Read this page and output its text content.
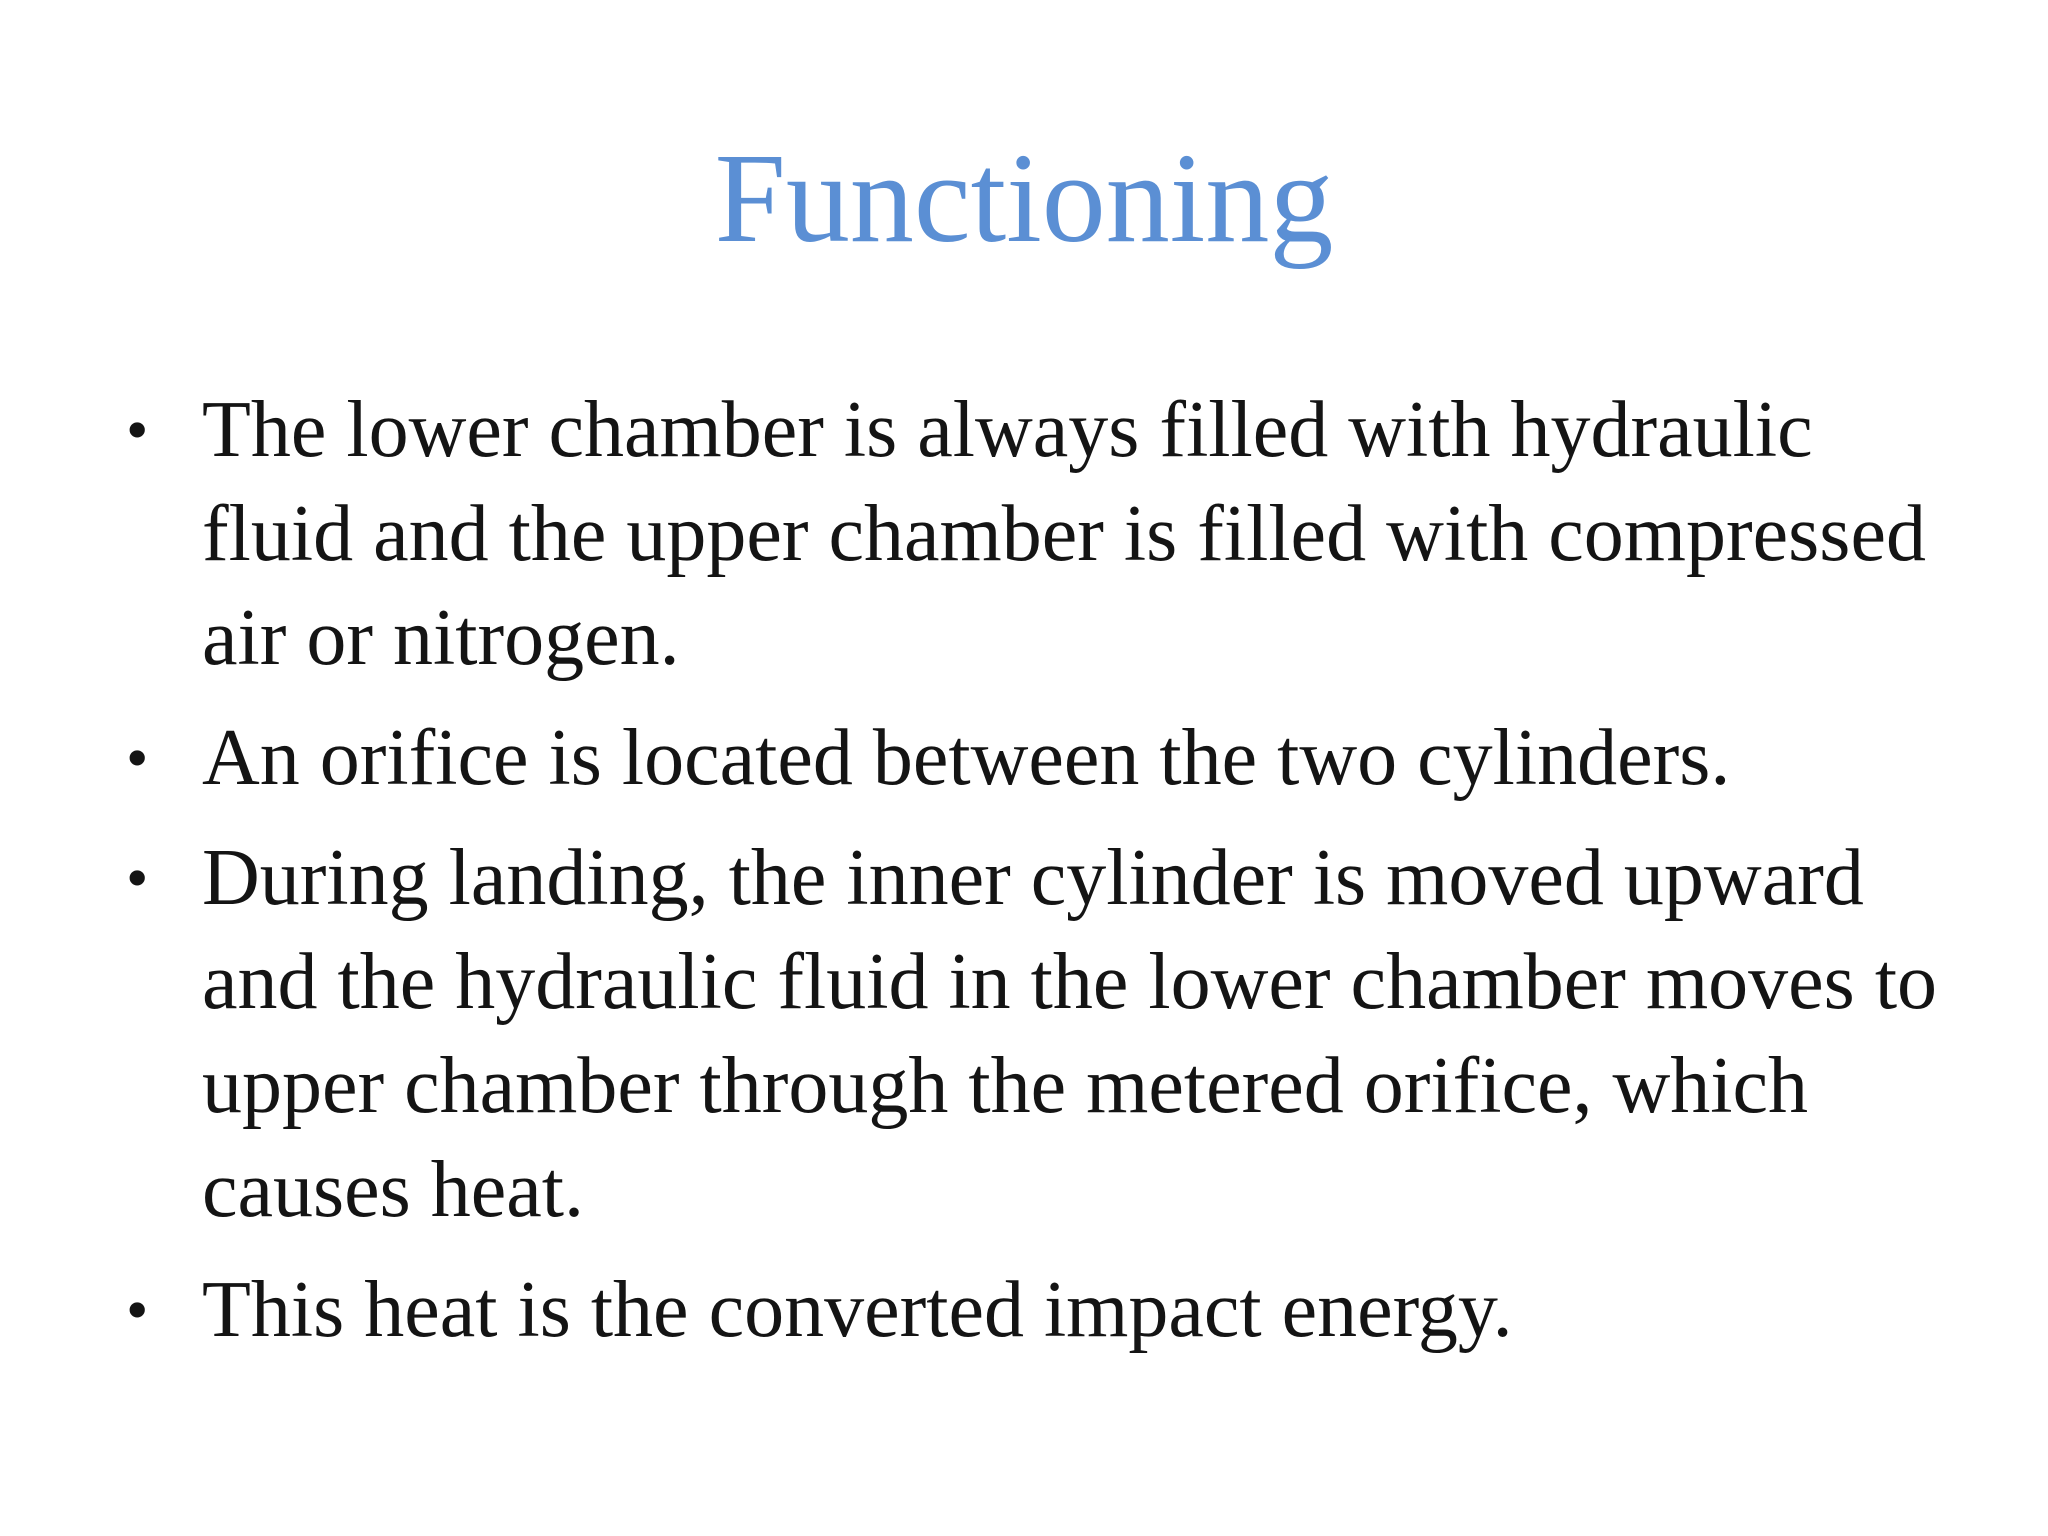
Functioning
• The lower chamber is always filled with hydraulic fluid and the upper chamber is filled with compressed air or nitrogen.
• An orifice is located between the two cylinders.
• During landing, the inner cylinder is moved upward and the hydraulic fluid in the lower chamber moves to upper chamber through the metered orifice, which causes heat.
• This heat is the converted impact energy.
